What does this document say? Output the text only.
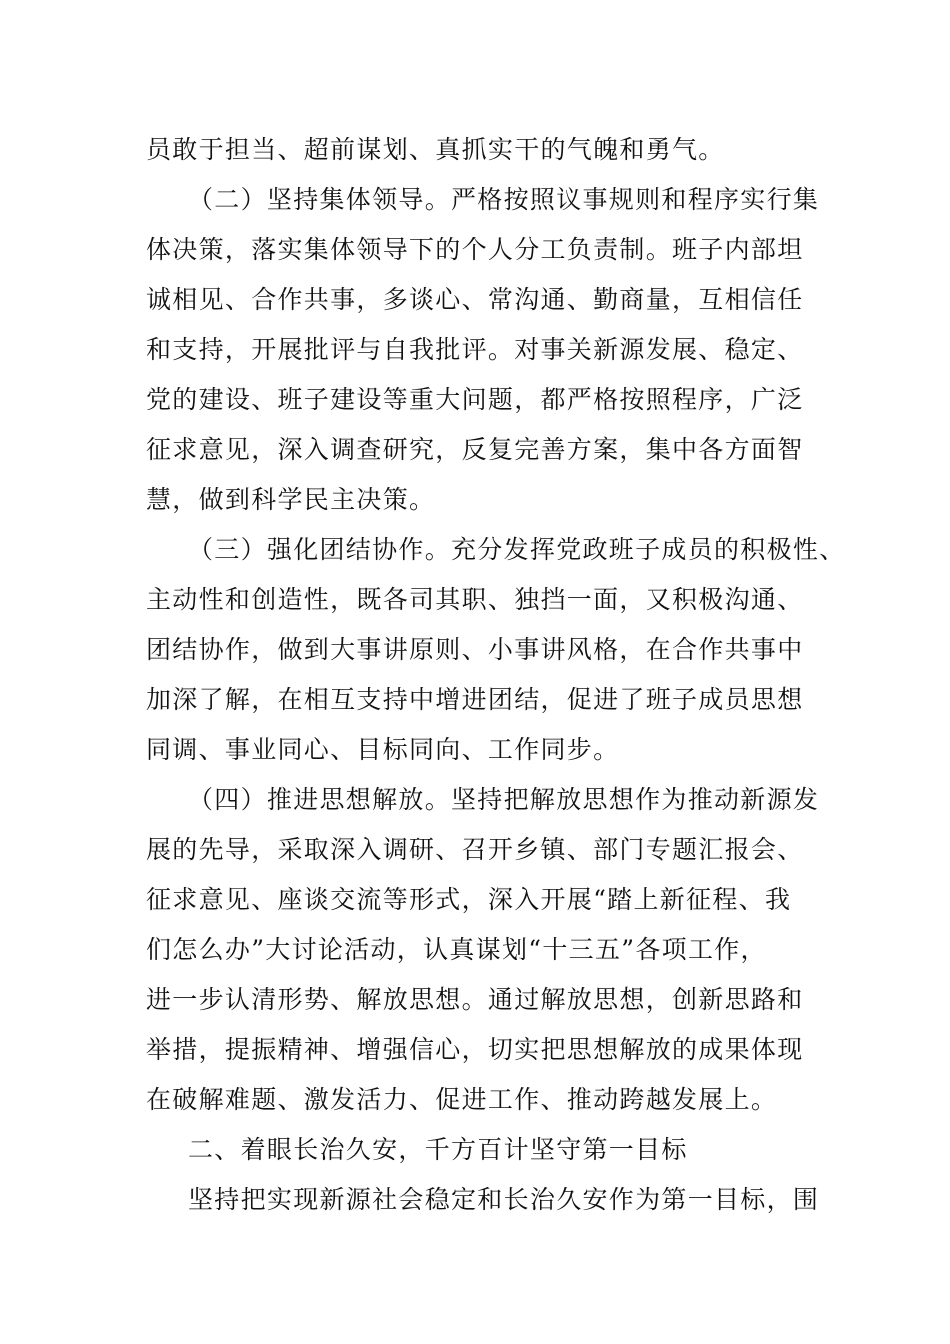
员敢于担当、超前谋划、真抓实干的气魄和勇气。

（二）坚持集体领导。严格按照议事规则和程序实行集

体决策，落实集体领导下的个人分工负责制。班子内部坦

诚相见、合作共事，多谈心、常沟通、勤商量，互相信任

和支持，开展批评与自我批评。对事关新源发展、稳定、

党的建设、班子建设等重大问题，都严格按照程序，广泛

征求意见，深入调查研究，反复完善方案，集中各方面智

慧，做到科学民主决策。

（三）强化团结协作。充分发挥党政班子成员的积极性、

主动性和创造性，既各司其职、独挡一面，又积极沟通、

团结协作，做到大事讲原则、小事讲风格，在合作共事中

加深了解，在相互支持中增进团结，促进了班子成员思想

同调、事业同心、目标同向、工作同步。

（四）推进思想解放。坚持把解放思想作为推动新源发

展的先导，采取深入调研、召开乡镇、部门专题汇报会、

征求意见、座谈交流等形式，深入开展“踏上新征程、我

们怎么办”大讨论活动，认真谋划“十三五”各项工作，

进一步认清形势、解放思想。通过解放思想，创新思路和

举措，提振精神、增强信心，切实把思想解放的成果体现

在破解难题、激发活力、促进工作、推动跨越发展上。

二、着眼长治久安，千方百计坚守第一目标

坚持把实现新源社会稳定和长治久安作为第一目标，围
